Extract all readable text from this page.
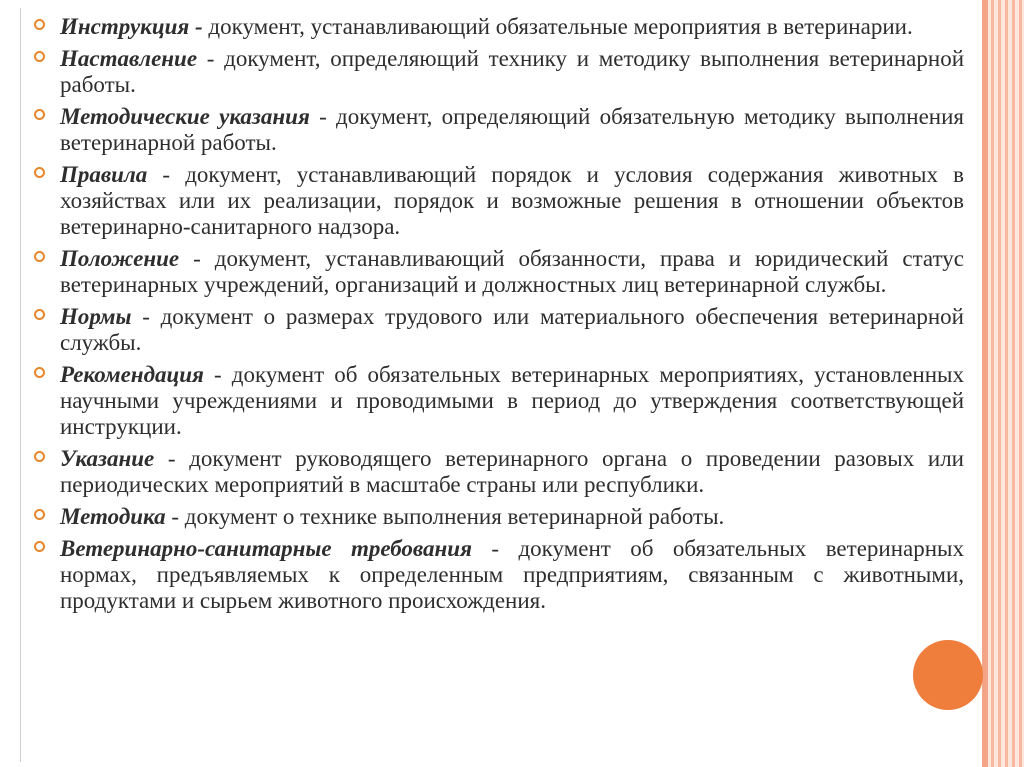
Инструкция - документ, устанавливающий обязательные мероприятия в ветеринарии.
Наставление - документ, определяющий технику и методику выполнения ветеринарной работы.
Методические указания - документ, определяющий обязательную методику выполнения ветеринарной работы.
Правила - документ, устанавливающий порядок и условия содержания животных в хозяйствах или их реализации, порядок и возможные решения в отношении объектов ветеринарно-санитарного надзора.
Положение - документ, устанавливающий обязанности, права и юридический статус ветеринарных учреждений, организаций и должностных лиц ветеринарной службы.
Нормы - документ о размерах трудового или материального обеспечения ветеринарной службы.
Рекомендация - документ об обязательных ветеринарных мероприятиях, установленных научными учреждениями и проводимыми в период до утверждения соответствующей инструкции.
Указание - документ руководящего ветеринарного органа о проведении разовых или периодических мероприятий в масштабе страны или республики.
Методика - документ о технике выполнения ветеринарной работы.
Ветеринарно-санитарные требования - документ об обязательных ветеринарных нормах, предъявляемых к определенным предприятиям, связанным с животными, продуктами и сырьем животного происхождения.
